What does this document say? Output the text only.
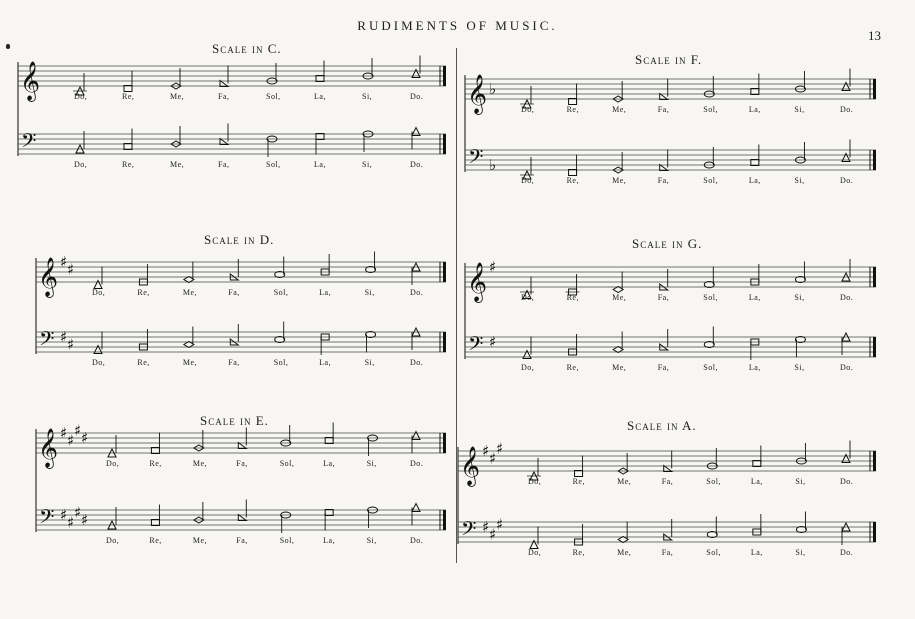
RUDIMENTS OF MUSIC.
13
𝄞
𝄢
𝄞 ♭
𝄢 ♭
𝄞 ♯ ♯
𝄢 ♯ ♯
𝄞 ♯
𝄢 ♯
𝄞 ♯ ♯
♯ ♯
𝄢 ♯ ♯
♯ ♯
𝄞 ♯ ♯
♯
𝄢 ♯ ♯
♯
Scale in C.
Do,	Re,	Me,	Fa,	Sol,	La,	Si,	Do.
Do,	Re,	Me,	Fa,	Sol,	La,	Si,	Do.
Scale in F.
Do,	Re,	Me,	Fa,	Sol,	La,	Si,	Do.
Do,	Re,	Me,	Fa,	Sol,	La,	Si,	Do.
Scale in D.
Do,	Re,	Me,	Fa,	Sol,	La,	Si,	Do.
Do,	Re,	Me,	Fa,	Sol,	La,	Si,	Do.
Scale in G.
Do,	Re,	Me,	Fa,	Sol,	La,	Si,	Do.
Do,	Re,	Me,	Fa,	Sol,	La,	Si,	Do.
Scale in E.
Do,	Re,	Me,	Fa,	Sol,	La,	Si,	Do.
Do,	Re,	Me,	Fa,	Sol,	La,	Si,	Do.
Scale in A.
Do,	Re,	Me,	Fa,	Sol,	La,	Si,	Do.
Do,	Re,	Me,	Fa,	Sol,	La,	Si,	Do.
